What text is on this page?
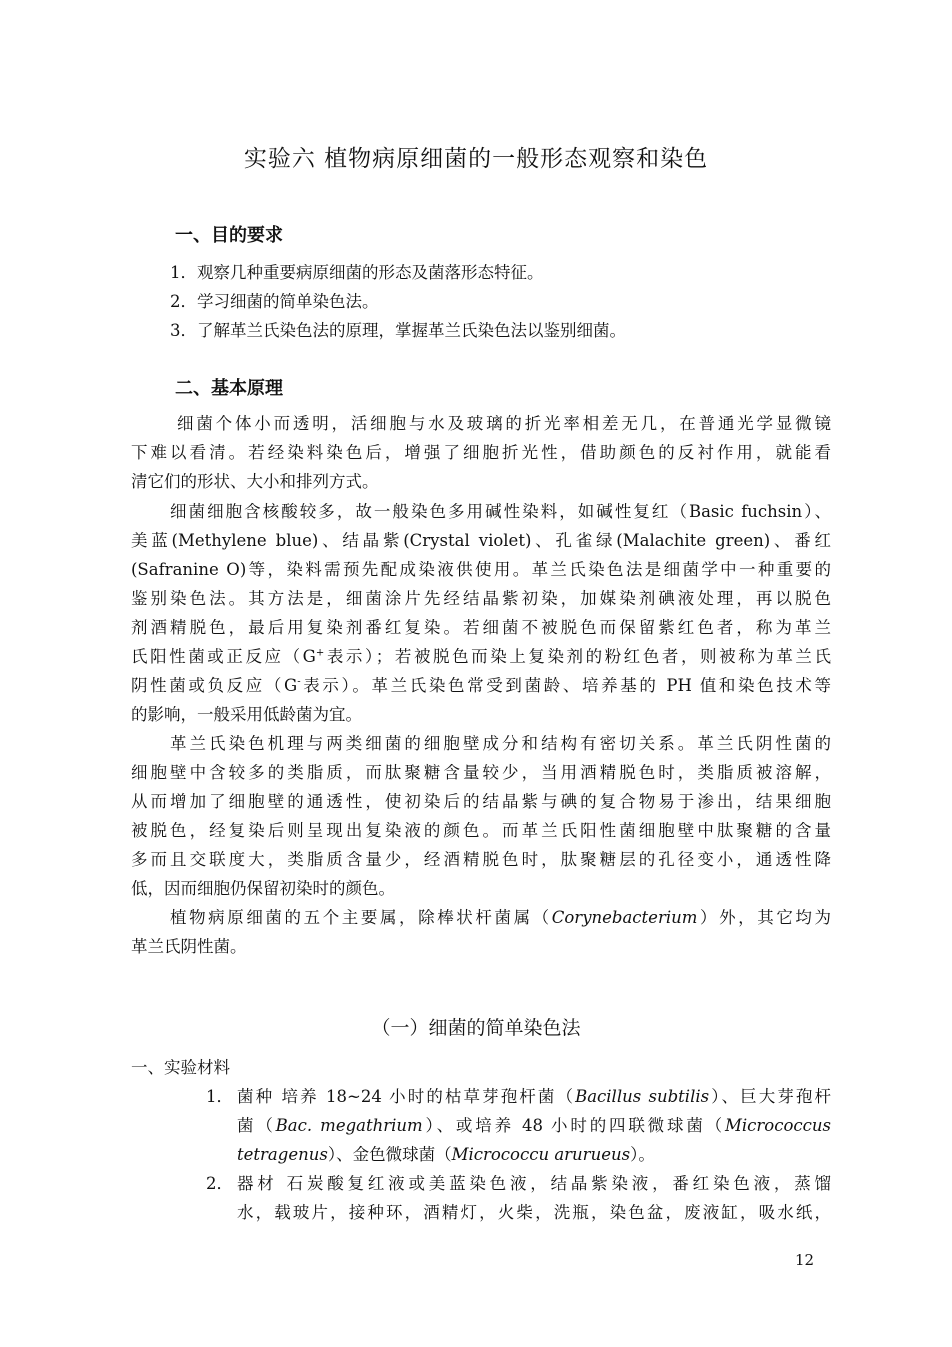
实验六 植物病原细菌的一般形态观察和染色
一、目的要求
1．观察几种重要病原细菌的形态及菌落形态特征。
2．学习细菌的简单染色法。
3．了解革兰氏染色法的原理，掌握革兰氏染色法以鉴别细菌。
二、基本原理
细菌个体小而透明，活细胞与水及玻璃的折光率相差无几，在普通光学显微镜
下难以看清。若经染料染色后，增强了细胞折光性，借助颜色的反衬作用，就能看
清它们的形状、大小和排列方式。
细菌细胞含核酸较多，故一般染色多用碱性染料，如碱性复红（Basic fuchsin）、
美蓝(Methylene blue)、结晶紫(Crystal violet)、孔雀绿(Malachite green)、番红
(Safranine O)等，染料需预先配成染液供使用。革兰氏染色法是细菌学中一种重要的
鉴别染色法。其方法是，细菌涂片先经结晶紫初染，加媒染剂碘液处理，再以脱色
剂酒精脱色，最后用复染剂番红复染。若细菌不被脱色而保留紫红色者，称为革兰
氏阳性菌或正反应（G+表示）；若被脱色而染上复染剂的粉红色者，则被称为革兰氏
阴性菌或负反应（G-表示）。革兰氏染色常受到菌龄、培养基的 PH 值和染色技术等
的影响，一般采用低龄菌为宜。
革兰氏染色机理与两类细菌的细胞壁成分和结构有密切关系。革兰氏阴性菌的
细胞壁中含较多的类脂质，而肽聚糖含量较少，当用酒精脱色时，类脂质被溶解，
从而增加了细胞壁的通透性，使初染后的结晶紫与碘的复合物易于渗出，结果细胞
被脱色，经复染后则呈现出复染液的颜色。而革兰氏阳性菌细胞壁中肽聚糖的含量
多而且交联度大，类脂质含量少，经酒精脱色时，肽聚糖层的孔径变小，通透性降
低，因而细胞仍保留初染时的颜色。
植物病原细菌的五个主要属，除棒状杆菌属（Corynebacterium）外，其它均为
革兰氏阴性菌。
（一）细菌的简单染色法
一、实验材料
1． 菌种 培养 18~24 小时的枯草芽孢杆菌（Bacillus subtilis）、巨大芽孢杆
菌（Bac. megathrium）、或培养 48 小时的四联微球菌（Micrococcus
tetragenus）、金色微球菌（Micrococcu arurueus）。
2． 器材 石炭酸复红液或美蓝染色液，结晶紫染液，番红染色液，蒸馏
水，载玻片，接种环，酒精灯，火柴，洗瓶，染色盆，废液缸，吸水纸，
12
